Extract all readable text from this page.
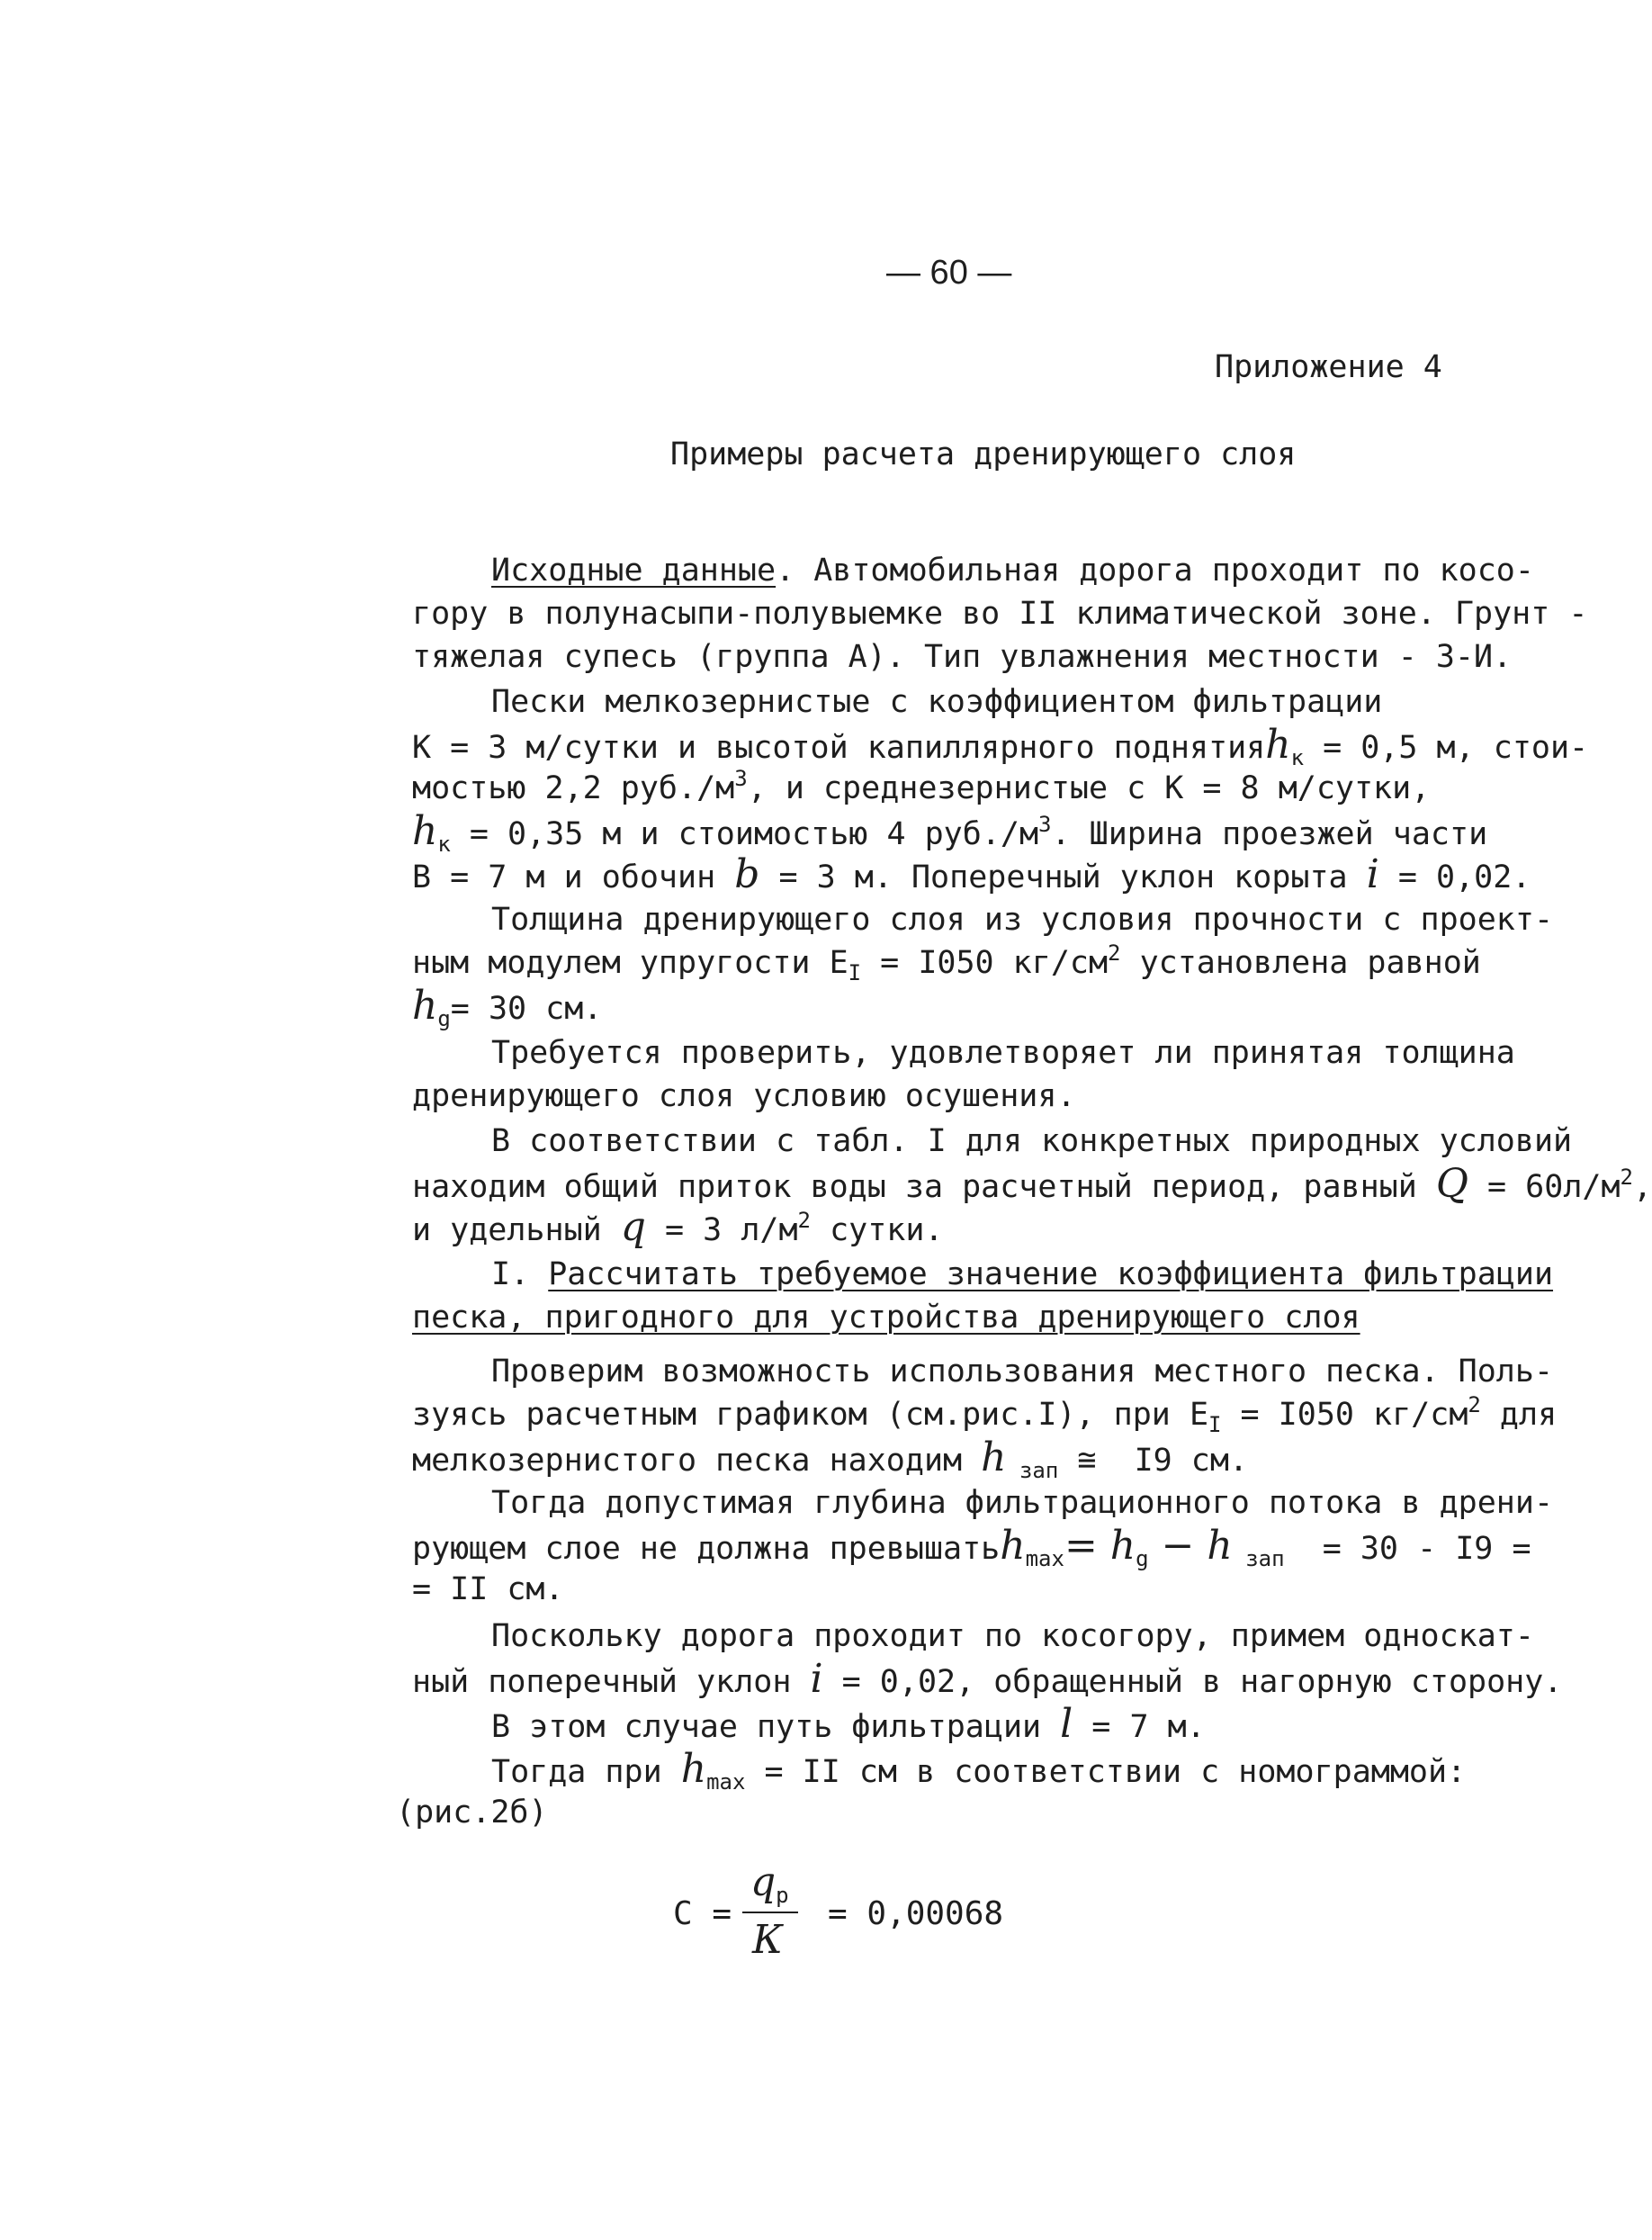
— 60 —
Приложение 4
Примеры расчета дренирующего слоя
Исходные данные. Автомобильная дорога проходит по косо-
гору в полунасыпи-полувыемке во II климатической зоне. Грунт -
тяжелая супесь (группа А). Тип увлажнения местности - 3-И.
Пески мелкозернистые с коэффициентом фильтрации
К = 3 м/сутки и высотой капиллярного поднятияh$_к$ = 0,5 м, стои-
мостью 2,2 $руб./м^3$, и среднезернистые с К = 8 м/сутки,
$h_к = 0,35$ м и стоимостью 4 $руб./м^3$. Ширина проезжей части
В = 7 м и обочин b = 3 м. Поперечный уклон корыта i = 0,02.
Толщина дренирующего слоя из условия прочности с проект-
ным модулем упругости $Е_I = I050$ $кг/см^2$ установлена равной
$h_g= 30$ см.
Требуется проверить, удовлетворяет ли принятая толщина
дренирующего слоя условию осушения.
В соответствии с табл. I для конкретных природных условий
находим общий приток воды за расчетный период, равный $Q = 60л/м^2$,
и удельный q = 3 $л/м^2$ сутки.
I. Рассчитать требуемое значение коэффициента фильтрации
песка, пригодного для устройства дренирующего слоя
Проверим возможность использования местного песка. Поль-
зуясь расчетным графиком (см.рис.I), при $Е_I = I050$ $кг/см^2$ для
мелкозернистого песка находим h $_{зап}$ ≅  I9 см.
Тогда допустимая глубина фильтрационного потока в дрени-
рующем слое не должна превышатьh$_{max}$= $h_g - h$ $_{зап}$  = 30 - I9 =
= II см.
Поскольку дорога проходит по косогору, примем односкат-
ный поперечный уклон i = 0,02, обращенный в нагорную сторону.
В этом случае путь фильтрации l = 7 м.
Тогда при $h_{max}$ = II см в соответствии с номограммой:
(рис.2б)
С =
$q_р$
К
= 0,00068
